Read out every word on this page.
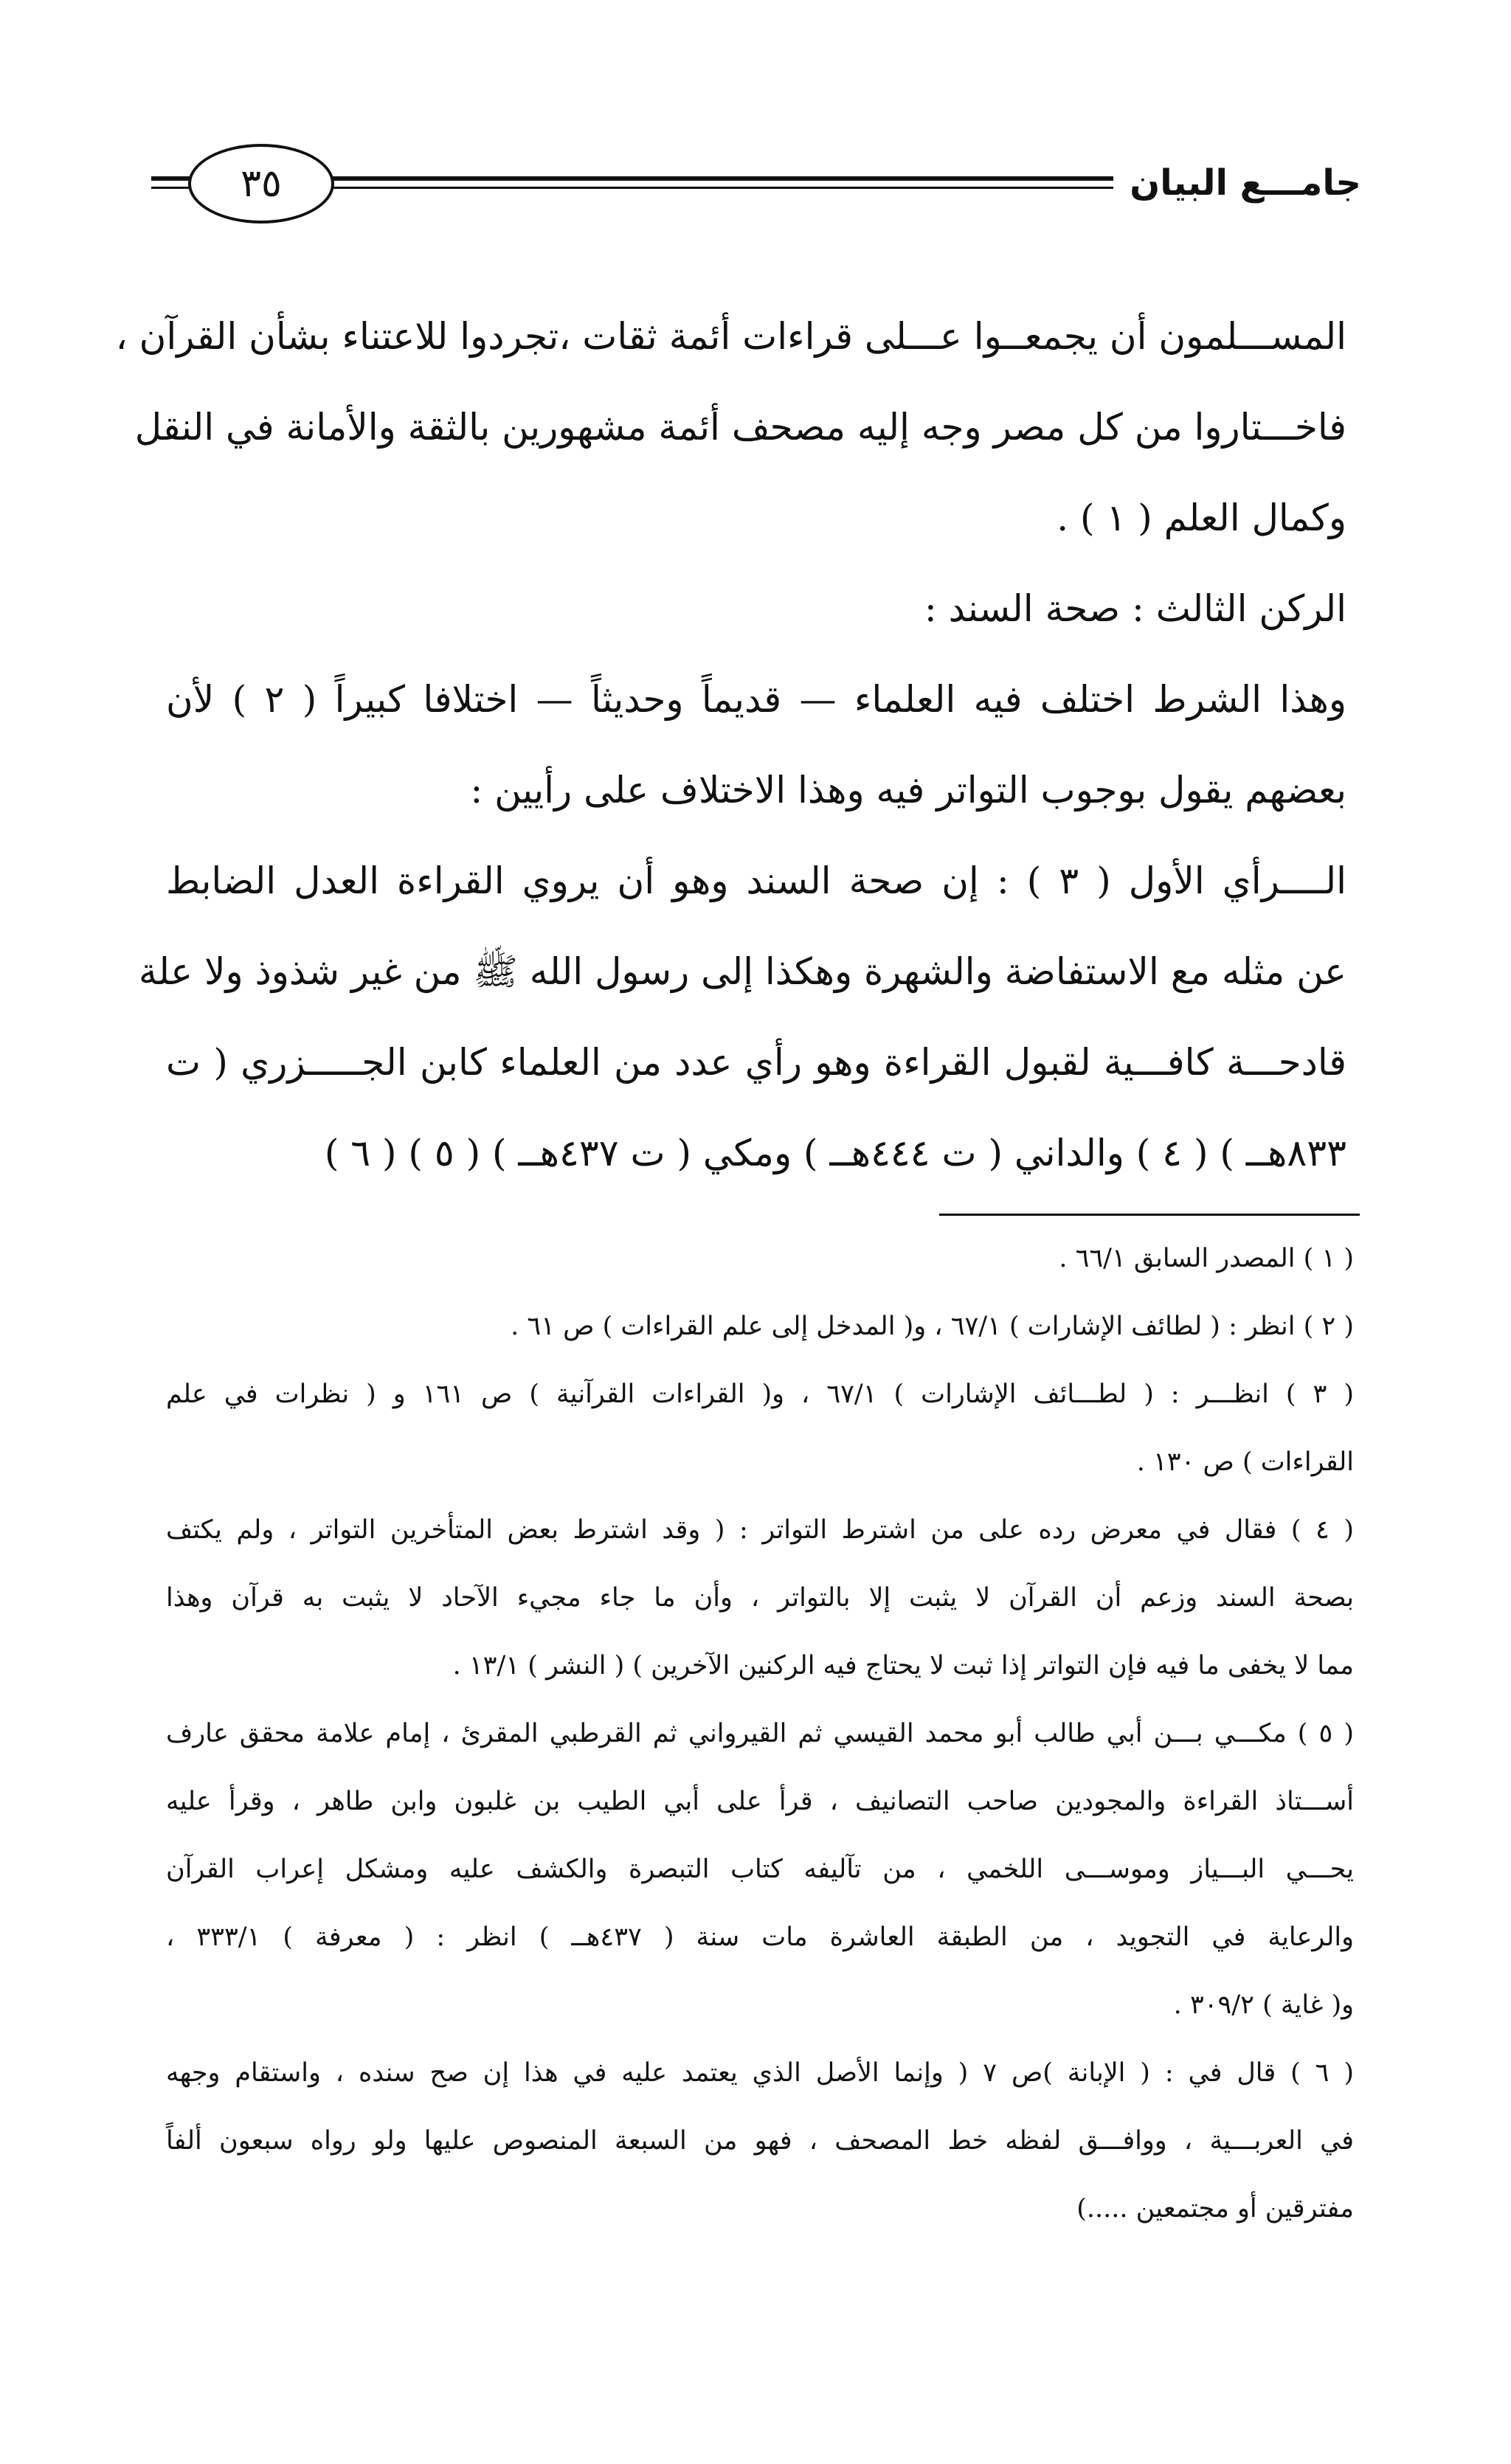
٣٥	جامـــع البيان
المســـلمون أن يجمعــوا عـــلى قراءات أئمة ثقات ،تجردوا للاعتناء بشأن القرآن ،
فاخـــتاروا من كل مصر وجه إليه مصحف أئمة مشهورين بالثقة والأمانة في النقل
وكمال العلم ( ١ ) .
الركن الثالث : صحة السند :
وهذا الشرط اختلف فيه العلماء — قديماً وحديثاً — اختلافا كبيراً ( ٢ ) لأن
بعضهم يقول بوجوب التواتر فيه وهذا الاختلاف على رأيين :
الــــرأي الأول ( ٣ ) : إن صحة السند وهو أن يروي القراءة العدل الضابط
عن مثله مع الاستفاضة والشهرة وهكذا إلى رسول الله ﷺ من غير شذوذ ولا علة
قادحـــة كافـــية لقبول القراءة وهو رأي عدد من العلماء كابن الجـــــزري ( ت
٨٣٣هــ ) ( ٤ ) والداني ( ت ٤٤٤هــ ) ومكي ( ت ٤٣٧هــ ) ( ٥ ) ( ٦ )
( ١ ) المصدر السابق ٦٦/١ .
( ٢ ) انظر : ( لطائف الإشارات ) ٦٧/١ ، و( المدخل إلى علم القراءات ) ص ٦١ .
( ٣ ) انظـــر : ( لطـــائف الإشارات ) ٦٧/١ ، و( القراءات القرآنية ) ص ١٦١ و ( نظرات في علم
القراءات ) ص ١٣٠ .
( ٤ ) فقال في معرض رده على من اشترط التواتر : ( وقد اشترط بعض المتأخرين التواتر ، ولم يكتف
بصحة السند وزعم أن القرآن لا يثبت إلا بالتواتر ، وأن ما جاء مجيء الآحاد لا يثبت به قرآن وهذا
مما لا يخفى ما فيه فإن التواتر إذا ثبت لا يحتاج فيه الركنين الآخرين ) ( النشر ) ١٣/١ .
( ٥ ) مكـــي بـــن أبي طالب أبو محمد القيسي ثم القيرواني ثم القرطبي المقرئ ، إمام علامة محقق عارف
أســـتاذ القراءة والمجودين صاحب التصانيف ، قرأ على أبي الطيب بن غلبون وابن طاهر ، وقرأ عليه
يحـــي البـــياز وموســـى اللخمي ، من تآليفه كتاب التبصرة والكشف عليه ومشكل إعراب القرآن
والرعاية في التجويد ، من الطبقة العاشرة مات سنة ( ٤٣٧هــ ) انظر : ( معرفة ) ٣٣٣/١ ،
و( غاية ) ٣٠٩/٢ .
( ٦ ) قال في : ( الإبانة )ص ٧ ( وإنما الأصل الذي يعتمد عليه في هذا إن صح سنده ، واستقام وجهه
في العربـــية ، ووافـــق لفظه خط المصحف ، فهو من السبعة المنصوص عليها ولو رواه سبعون ألفاً
مفترقين أو مجتمعين .....)
